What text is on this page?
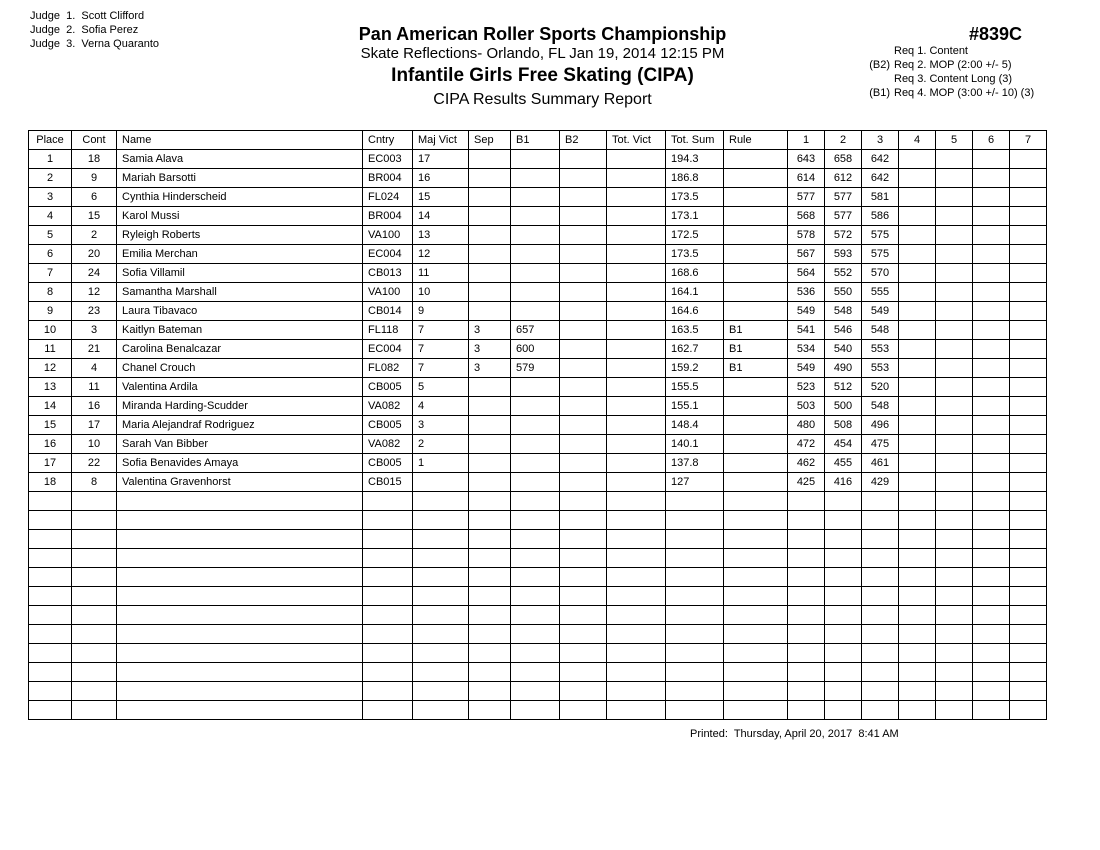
Judge  1.  Scott Clifford
Judge  2.  Sofia Perez
Judge  3.  Verna Quaranto	Pan American Roller Sports Championship
Skate Reflections- Orlando, FL Jan 19, 2014 12:15 PM
Infantile Girls Free Skating (CIPA)
CIPA Results Summary Report
#839C
Req 1. Content
(B2) Req 2. MOP (2:00 +/- 5)
Req 3. Content Long (3)
(B1) Req 4. MOP (3:00 +/- 10) (3)
Place	Cont	Name	Cntry	Maj Vict	Sep	B1	B2	Tot. Vict	Tot. Sum	Rule	1	2	3	4	5	6	7
1	18	Samia Alava	EC003	17					194.3		643	658	642				
2	9	Mariah Barsotti	BR004	16					186.8		614	612	642				
3	6	Cynthia Hinderscheid	FL024	15					173.5		577	577	581				
4	15	Karol Mussi	BR004	14					173.1		568	577	586				
5	2	Ryleigh Roberts	VA100	13					172.5		578	572	575				
6	20	Emilia Merchan	EC004	12					173.5		567	593	575				
7	24	Sofia Villamil	CB013	11					168.6		564	552	570				
8	12	Samantha Marshall	VA100	10					164.1		536	550	555				
9	23	Laura Tibavaco	CB014	9					164.6		549	548	549				
10	3	Kaitlyn Bateman	FL118	7	3	657			163.5	B1	541	546	548				
11	21	Carolina Benalcazar	EC004	7	3	600			162.7	B1	534	540	553				
12	4	Chanel Crouch	FL082	7	3	579			159.2	B1	549	490	553				
13	11	Valentina Ardila	CB005	5					155.5		523	512	520				
14	16	Miranda Harding-Scudder	VA082	4					155.1		503	500	548				
15	17	Maria Alejandraf Rodriguez	CB005	3					148.4		480	508	496				
16	10	Sarah Van Bibber	VA082	2					140.1		472	454	475				
17	22	Sofia Benavides Amaya	CB005	1					137.8		462	455	461				
18	8	Valentina Gravenhorst	CB015						127		425	416	429				

Printed:  Thursday, April 20, 2017  8:41 AM
